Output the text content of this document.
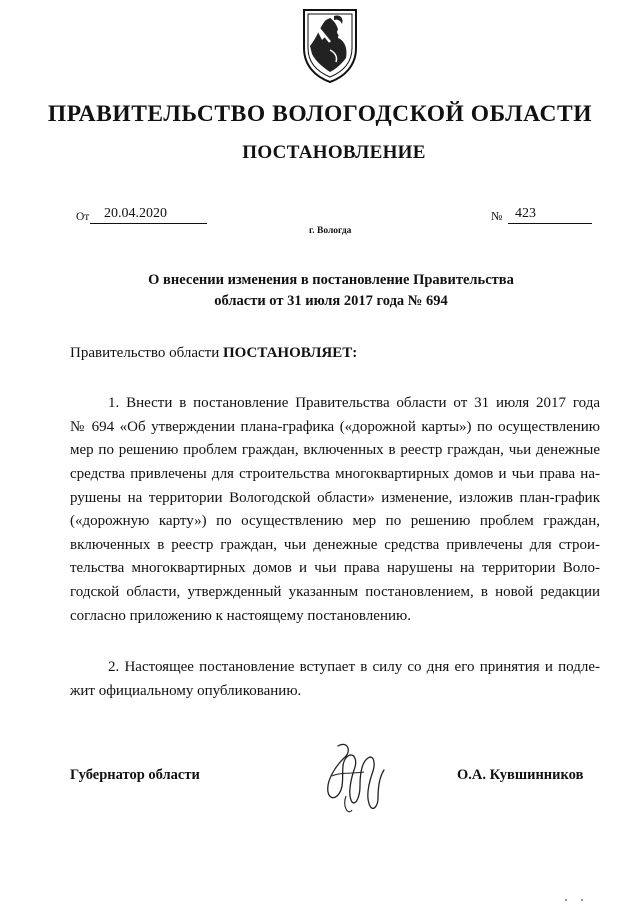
ПРАВИТЕЛЬСТВО ВОЛОГОДСКОЙ ОБЛАСТИ
ПОСТАНОВЛЕНИЕ
От	20.04.2020	№ 423
г. Вологда
О внесении изменения в постановление Правительства
области от 31 июля 2017 года № 694
Правительство области ПОСТАНОВЛЯЕТ:
1. Внести в постановление Правительства области от 31 июля 2017 года
№ 694 «Об утверждении плана-графика («дорожной карты») по осуществлению
мер по решению проблем граждан, включенных в реестр граждан, чьи денежные
средства привлечены для строительства многоквартирных домов и чьи права на-
рушены на территории Вологодской области» изменение, изложив план-график
(«дорожную карту») по осуществлению мер по решению проблем граждан,
включенных в реестр граждан, чьи денежные средства привлечены для строи-
тельства многоквартирных домов и чьи права нарушены на территории Воло-
годской области, утвержденный указанным постановлением, в новой редакции
согласно приложению к настоящему постановлению.
2. Настоящее постановление вступает в силу со дня его принятия и подле-
жит официальному опубликованию.
Губернатор области	О.А. Кувшинников
